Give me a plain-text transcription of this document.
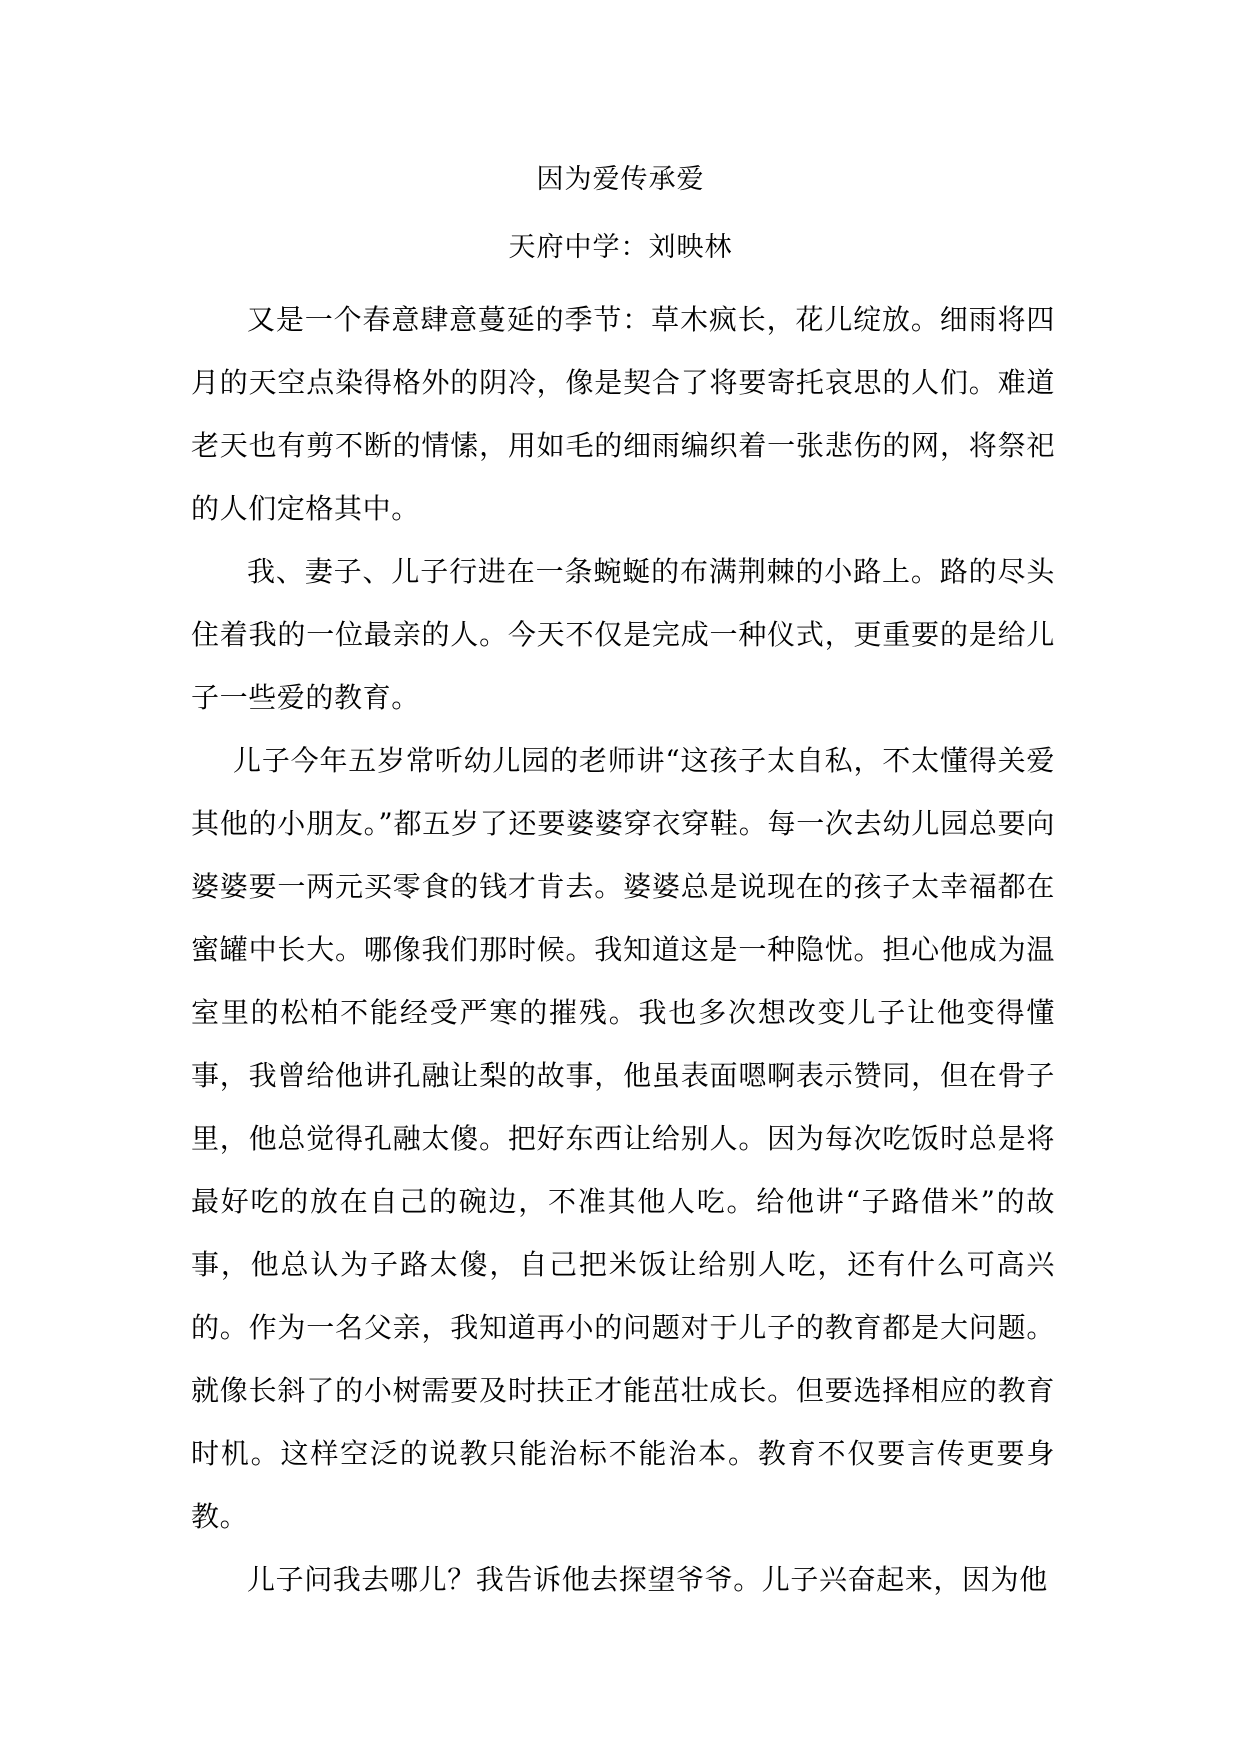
因为爱传承爱
天府中学：刘映林

又是一个春意肆意蔓延的季节：草木疯长，花儿绽放。细雨将四月的天空点染得格外的阴冷，像是契合了将要寄托哀思的人们。难道老天也有剪不断的情愫，用如毛的细雨编织着一张悲伤的网，将祭祀的人们定格其中。

我、妻子、儿子行进在一条蜿蜒的布满荆棘的小路上。路的尽头住着我的一位最亲的人。今天不仅是完成一种仪式，更重要的是给儿子一些爱的教育。

儿子今年五岁常听幼儿园的老师讲“这孩子太自私，不太懂得关爱其他的小朋友。”都五岁了还要婆婆穿衣穿鞋。每一次去幼儿园总要向婆婆要一两元买零食的钱才肯去。婆婆总是说现在的孩子太幸福都在蜜罐中长大。哪像我们那时候。我知道这是一种隐忧。担心他成为温室里的松柏不能经受严寒的摧残。我也多次想改变儿子让他变得懂事，我曾给他讲孔融让梨的故事，他虽表面嗯啊表示赞同，但在骨子里，他总觉得孔融太傻。把好东西让给别人。因为每次吃饭时总是将最好吃的放在自己的碗边，不准其他人吃。给他讲“子路借米”的故事，他总认为子路太傻，自己把米饭让给别人吃，还有什么可高兴的。作为一名父亲，我知道再小的问题对于儿子的教育都是大问题。就像长斜了的小树需要及时扶正才能茁壮成长。但要选择相应的教育时机。这样空泛的说教只能治标不能治本。教育不仅要言传更要身教。

儿子问我去哪儿？我告诉他去探望爷爷。儿子兴奋起来，因为他
